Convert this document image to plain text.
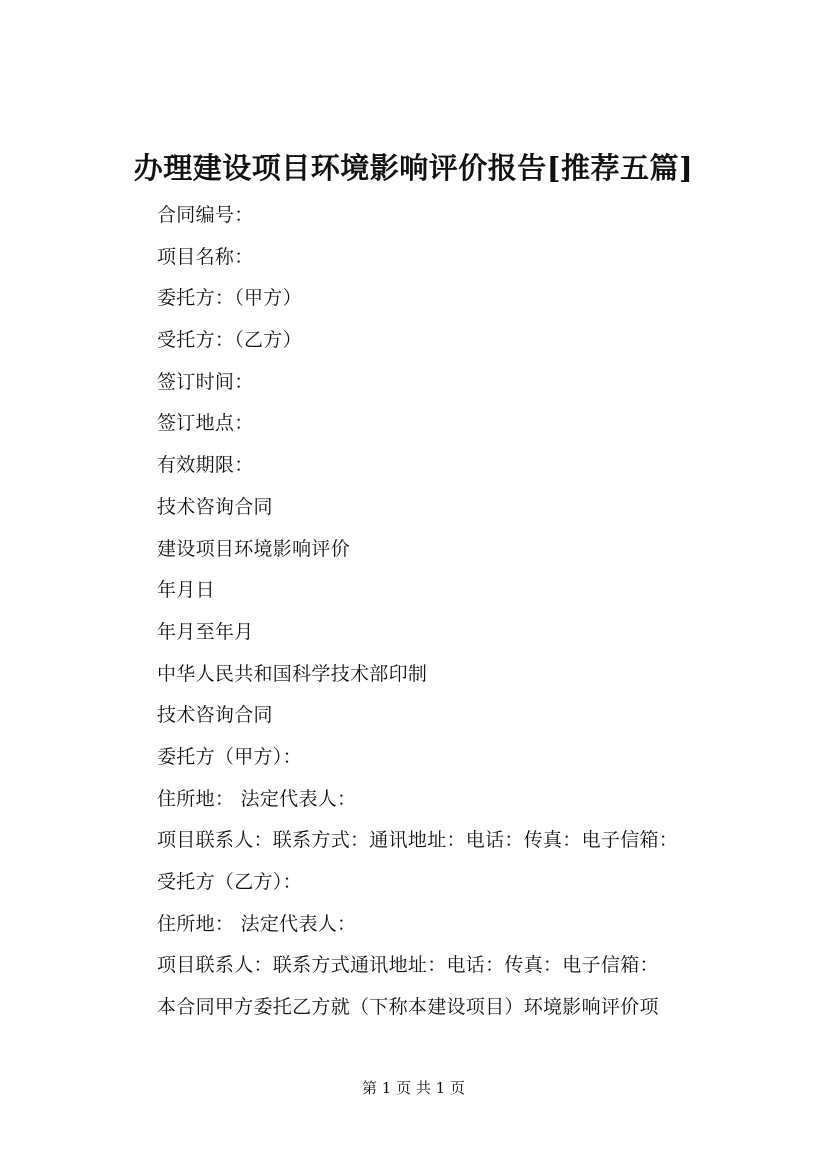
办理建设项目环境影响评价报告[推荐五篇]
合同编号：
项目名称：
委托方：（甲方）
受托方：（乙方）
签订时间：
签订地点：
有效期限：
技术咨询合同
建设项目环境影响评价
年月日
年月至年月
中华人民共和国科学技术部印制
技术咨询合同
委托方（甲方）：
住所地： 法定代表人：
项目联系人：联系方式：通讯地址：电话：传真：电子信箱：
受托方（乙方）：
住所地： 法定代表人：
项目联系人：联系方式通讯地址：电话：传真：电子信箱：
本合同甲方委托乙方就（下称本建设项目）环境影响评价项
第 1 页 共 1 页
